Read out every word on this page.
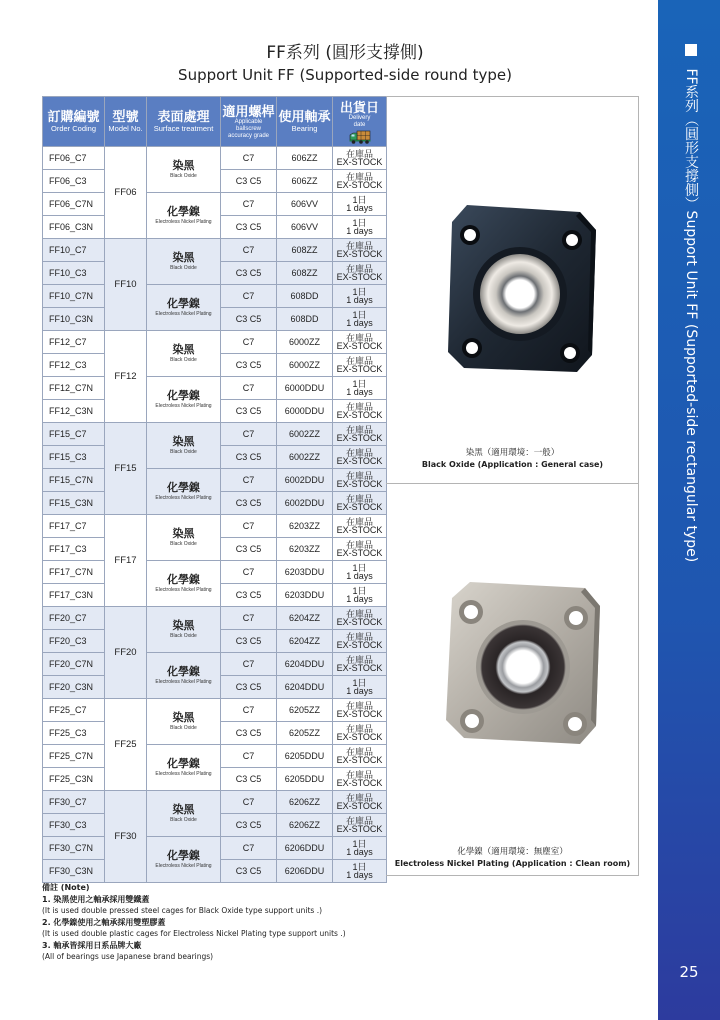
FF系列 (圓形支撐側)
Support Unit FF (Supported-side round type)
訂購編號
Order Coding	型號
Model No.	表面處理
Surface treatment	適用螺桿
Applicable
ballscrew
accuracy grade	使用軸承
Bearing	出貨日
Delivery
date

FF06_C7	FF06	染黑
Black Oxide	C7	606ZZ	在庫品
EX-STOCK

FF06_C3			C3 C5	606ZZ	在庫品
EX-STOCK

FF06_C7N		化學鎳
Electroless Nickel Plating	C7	606VV	1日
1 days

FF06_C3N			C3 C5	606VV	1日
1 days

FF10_C7	FF10	染黑
Black Oxide	C7	608ZZ	在庫品
EX-STOCK

FF10_C3			C3 C5	608ZZ	在庫品
EX-STOCK

FF10_C7N		化學鎳
Electroless Nickel Plating	C7	608DD	1日
1 days

FF10_C3N			C3 C5	608DD	1日
1 days

FF12_C7	FF12	染黑
Black Oxide	C7	6000ZZ	在庫品
EX-STOCK

FF12_C3			C3 C5	6000ZZ	在庫品
EX-STOCK

FF12_C7N		化學鎳
Electroless Nickel Plating	C7	6000DDU	1日
1 days

FF12_C3N			C3 C5	6000DDU	在庫品
EX-STOCK

FF15_C7	FF15	染黑
Black Oxide	C7	6002ZZ	在庫品
EX-STOCK

FF15_C3			C3 C5	6002ZZ	在庫品
EX-STOCK

FF15_C7N		化學鎳
Electroless Nickel Plating	C7	6002DDU	在庫品
EX-STOCK

FF15_C3N			C3 C5	6002DDU	在庫品
EX-STOCK

FF17_C7	FF17	染黑
Black Oxide	C7	6203ZZ	在庫品
EX-STOCK

FF17_C3			C3 C5	6203ZZ	在庫品
EX-STOCK

FF17_C7N		化學鎳
Electroless Nickel Plating	C7	6203DDU	1日
1 days

FF17_C3N			C3 C5	6203DDU	1日
1 days

FF20_C7	FF20	染黑
Black Oxide	C7	6204ZZ	在庫品
EX-STOCK

FF20_C3			C3 C5	6204ZZ	在庫品
EX-STOCK

FF20_C7N		化學鎳
Electroless Nickel Plating	C7	6204DDU	在庫品
EX-STOCK

FF20_C3N			C3 C5	6204DDU	1日
1 days

FF25_C7	FF25	染黑
Black Oxide	C7	6205ZZ	在庫品
EX-STOCK

FF25_C3			C3 C5	6205ZZ	在庫品
EX-STOCK

FF25_C7N		化學鎳
Electroless Nickel Plating	C7	6205DDU	在庫品
EX-STOCK

FF25_C3N			C3 C5	6205DDU	在庫品
EX-STOCK

FF30_C7	FF30	染黑
Black Oxide	C7	6206ZZ	在庫品
EX-STOCK

FF30_C3			C3 C5	6206ZZ	在庫品
EX-STOCK

FF30_C7N		化學鎳
Electroless Nickel Plating	C7	6206DDU	1日
1 days

FF30_C3N			C3 C5	6206DDU	1日
1 days
染黑（適用環境：一般）
Black Oxide (Application : General case)
化學鎳（適用環境：無塵室）
Electroless Nickel Plating (Application : Clean room)
備註 (Note)
1. 染黑使用之軸承採用雙鐵蓋
(It is used double pressed steel cages for Black Oxide type support units .)
2. 化學鎳使用之軸承採用雙塑膠蓋
(It is used double plastic cages for Electroless Nickel Plating type support units .)
3. 軸承皆採用日系品牌大廠
(All of bearings use Japanese brand bearings)
FF系列（圓形支撐側）Support Unit FF (Supported-side rectangular type)
25
